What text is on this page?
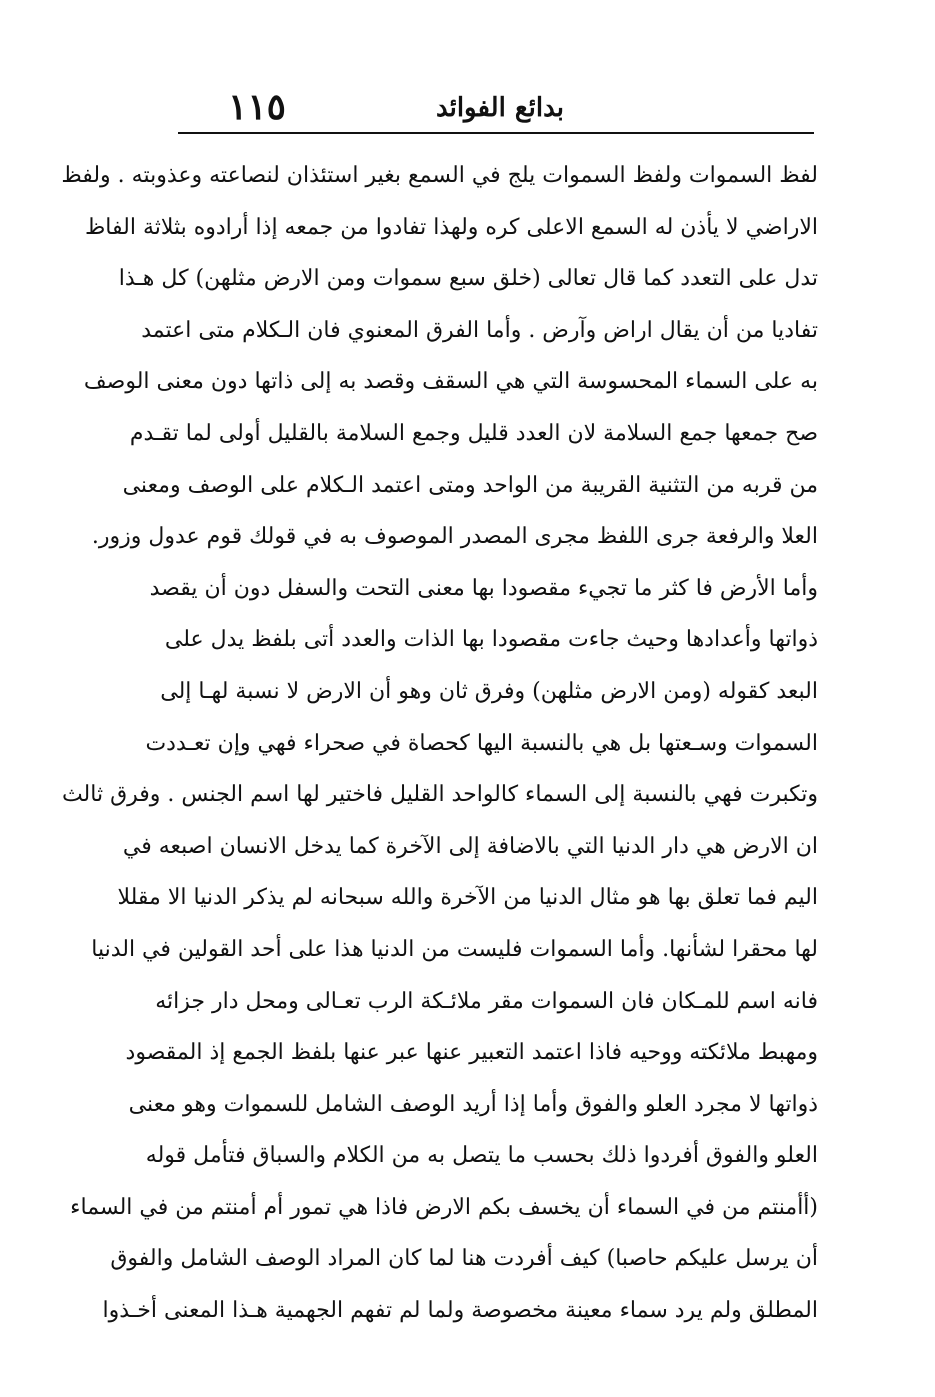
١١٥	بدائع الفوائد
لفظ السموات ولفظ السموات يلج في السمع بغير استئذان لنصاعته وعذوبته . ولفظ
الاراضي لا يأذن له السمع الاعلى كره ولهذا تفادوا من جمعه إذا أرادوه بثلاثة الفاظ
تدل على التعدد كما قال تعالى (خلق سبع سموات ومن الارض مثلهن) كل هـذا
تفاديا من أن يقال اراض وآرض . وأما الفرق المعنوي فان الـكلام متى اعتمد
به على السماء المحسوسة التي هي السقف وقصد به إلى ذاتها دون معنى الوصف
صح جمعها جمع السلامة لان العدد قليل وجمع السلامة بالقليل أولى لما تقـدم
من قربه من التثنية القريبة من الواحد ومتى اعتمد الـكلام على الوصف ومعنى
العلا والرفعة جرى اللفظ مجرى المصدر الموصوف به في قولك قوم عدول وزور.
وأما الأرض فا كثر ما تجيء مقصودا بها معنى التحت والسفل دون أن يقصد
ذواتها وأعدادها وحيث جاءت مقصودا بها الذات والعدد أتى بلفظ يدل على
البعد كقوله (ومن الارض مثلهن) وفرق ثان وهو أن الارض لا نسبة لهـا إلى
السموات وسـعتها بل هي بالنسبة اليها كحصاة في صحراء فهي وإن تعـددت
وتكبرت فهي بالنسبة إلى السماء كالواحد القليل فاختير لها اسم الجنس . وفرق ثالث
ان الارض هي دار الدنيا التي بالاضافة إلى الآخرة كما يدخل الانسان اصبعه في
اليم فما تعلق بها هو مثال الدنيا من الآخرة والله سبحانه لم يذكر الدنيا الا مقللا
لها محقرا لشأنها. وأما السموات فليست من الدنيا هذا على أحد القولين في الدنيا
فانه اسم للمـكان فان السموات مقر ملائـكة الرب تعـالى ومحل دار جزائه
ومهبط ملائكته ووحيه فاذا اعتمد التعبير عنها عبر عنها بلفظ الجمع إذ المقصود
ذواتها لا مجرد العلو والفوق وأما إذا أريد الوصف الشامل للسموات وهو معنى
العلو والفوق أفردوا ذلك بحسب ما يتصل به من الكلام والسباق فتأمل قوله
(أأمنتم من في السماء أن يخسف بكم الارض فاذا هي تمور أم أمنتم من في السماء
أن يرسل عليكم حاصبا) كيف أفردت هنا لما كان المراد الوصف الشامل والفوق
المطلق ولم يرد سماء معينة مخصوصة ولما لم تفهم الجهمية هـذا المعنى أخـذوا
